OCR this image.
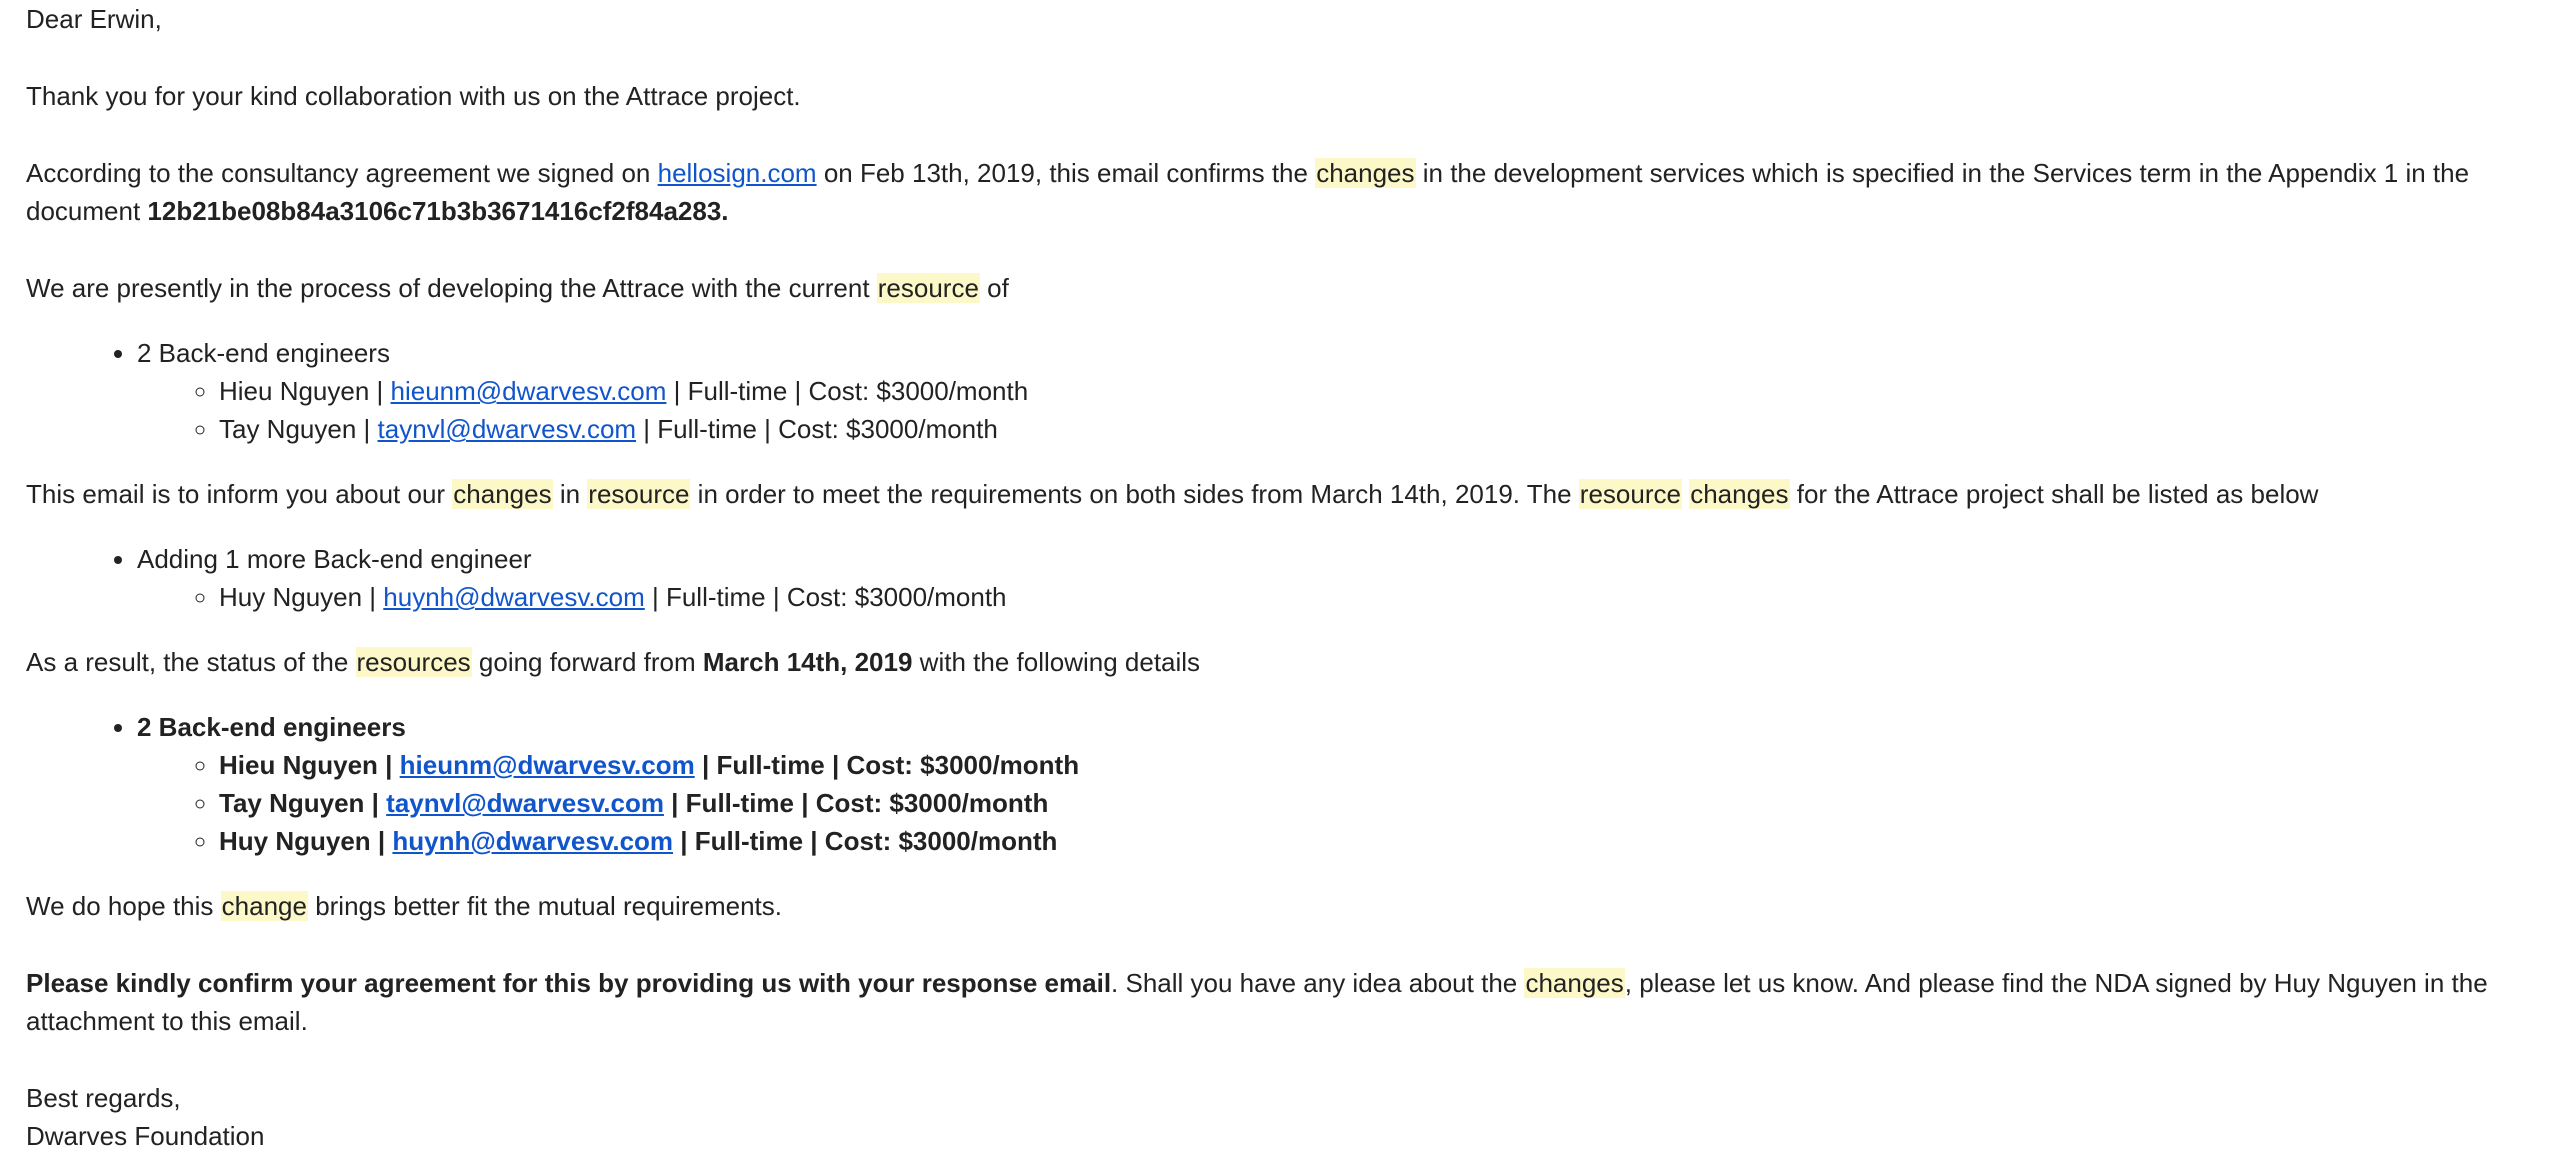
Dear Erwin,

Thank you for your kind collaboration with us on the Attrace project.

According to the consultancy agreement we signed on hellosign.com on Feb 13th, 2019, this email confirms the changes in the development services which is specified in the Services term in the Appendix 1 in the document 12b21be08b84a3106c71b3b3671416cf2f84a283.

We are presently in the process of developing the Attrace with the current resource of

• 2 Back-end engineers
◦ Hieu Nguyen | hieunm@dwarvesv.com | Full-time | Cost: $3000/month
◦ Tay Nguyen | taynvl@dwarvesv.com | Full-time | Cost: $3000/month

This email is to inform you about our changes in resource in order to meet the requirements on both sides from March 14th, 2019. The resource changes for the Attrace project shall be listed as below

• Adding 1 more Back-end engineer
◦ Huy Nguyen | huynh@dwarvesv.com | Full-time | Cost: $3000/month

As a result, the status of the resources going forward from March 14th, 2019 with the following details

• 2 Back-end engineers
◦ Hieu Nguyen | hieunm@dwarvesv.com | Full-time | Cost: $3000/month
◦ Tay Nguyen | taynvl@dwarvesv.com | Full-time | Cost: $3000/month
◦ Huy Nguyen | huynh@dwarvesv.com | Full-time | Cost: $3000/month

We do hope this change brings better fit the mutual requirements.

Please kindly confirm your agreement for this by providing us with your response email. Shall you have any idea about the changes, please let us know. And please find the NDA signed by Huy Nguyen in the attachment to this email.

Best regards,

Dwarves Foundation
